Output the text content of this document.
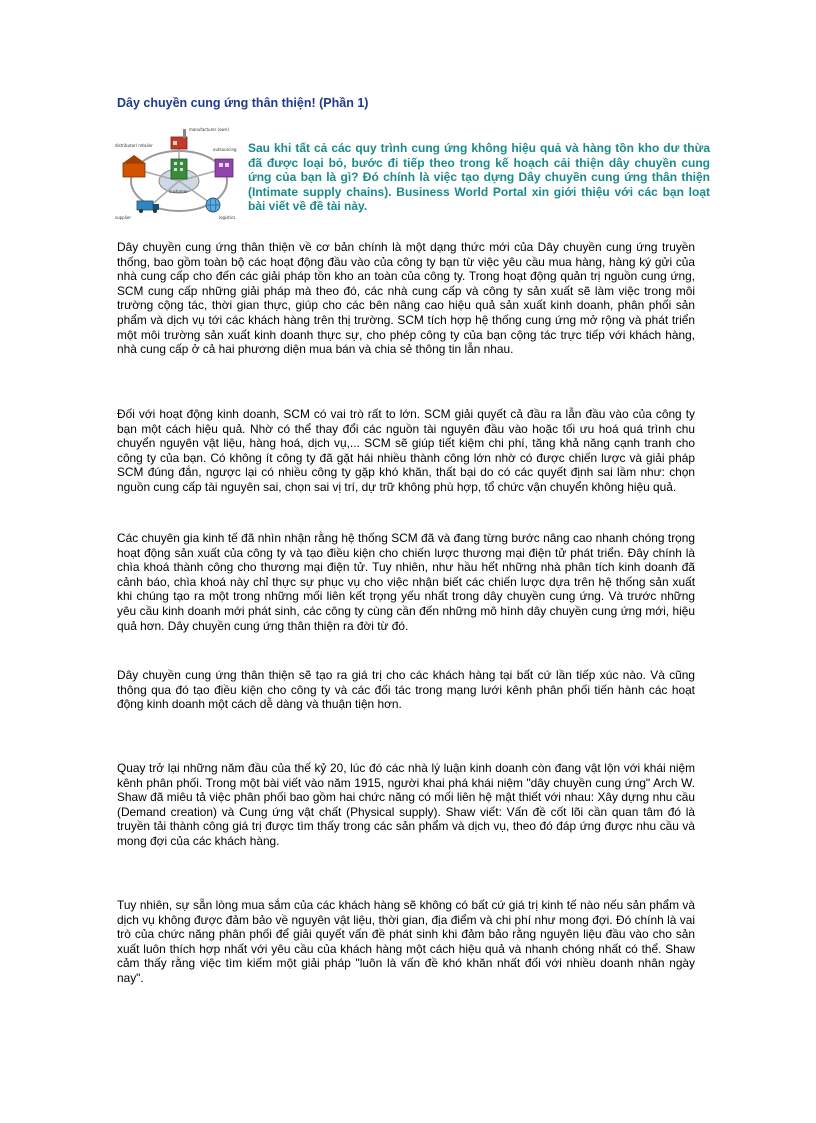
Dây chuyền cung ứng thân thiện! (Phần 1)
manufacturer (own)
distributor/ retailer
outsourcing
customer
supplier	logistics

Sau khi tất cả các quy trình cung ứng không hiệu quả và hàng tồn kho dư thừa đã được loại bỏ, bước đi tiếp theo trong kế hoạch cải thiện dây chuyền cung ứng của bạn là gì? Đó chính là việc tạo dựng Dây chuyền cung ứng thân thiện (Intimate supply chains). Business World Portal xin giới thiệu với các bạn loạt bài viết về đề tài này.

Dây chuyền cung ứng thân thiện về cơ bản chính là một dạng thức mới của Dây chuyền cung ứng truyền thống, bao gồm toàn bộ các hoạt động đầu vào của công ty bạn từ việc yêu cầu mua hàng, hàng ký gửi của nhà cung cấp cho đến các giải pháp tồn kho an toàn của công ty. Trong hoạt động quản trị nguồn cung ứng, SCM cung cấp những giải pháp mà theo đó, các nhà cung cấp và công ty sản xuất sẽ làm việc trong môi trường cộng tác, thời gian thực, giúp cho các bên nâng cao hiệu quả sản xuất kinh doanh, phân phối sản phẩm và dịch vụ tới các khách hàng trên thị trường. SCM tích hợp hệ thống cung ứng mở rộng và phát triển một môi trường sản xuất kinh doanh thực sự, cho phép công ty của bạn cộng tác trực tiếp với khách hàng, nhà cung cấp ở cả hai phương diện mua bán và chia sẻ thông tin lẫn nhau.

Đối với hoạt động kinh doanh, SCM có vai trò rất to lớn. SCM giải quyết cả đầu ra lẫn đầu vào của công ty bạn một cách hiệu quả. Nhờ có thể thay đổi các nguồn tài nguyên đầu vào hoặc tối ưu hoá quá trình chu chuyển nguyên vật liệu, hàng hoá, dịch vụ,... SCM sẽ giúp tiết kiệm chi phí, tăng khả năng cạnh tranh cho công ty của bạn. Có không ít công ty đã gặt hái nhiều thành công lớn nhờ có được chiến lược và giải pháp SCM đúng đắn, ngược lại có nhiều công ty gặp khó khăn, thất bại do có các quyết định sai lầm như: chọn nguồn cung cấp tài nguyên sai, chọn sai vị trí, dự trữ không phù hợp, tổ chức vận chuyển không hiệu quả.

Các chuyên gia kinh tế đã nhìn nhận rằng hệ thống SCM đã và đang từng bước nâng cao nhanh chóng trọng hoạt động sản xuất của công ty và tạo điều kiện cho chiến lược thương mại điện tử phát triển. Đây chính là chìa khoá thành công cho thương mại điện tử. Tuy nhiên, như hầu hết những nhà phân tích kinh doanh đã cảnh báo, chìa khoá này chỉ thực sự phục vụ cho việc nhận biết các chiến lược dựa trên hệ thống sản xuất khi chúng tạo ra một trong những mối liên kết trọng yếu nhất trong dây chuyền cung ứng. Và trước những yêu cầu kinh doanh mới phát sinh, các công ty cùng cần đến những mô hình dây chuyền cung ứng mới, hiệu quả hơn. Dây chuyền cung ứng thân thiện ra đời từ đó.

Dây chuyền cung ứng thân thiện sẽ tạo ra giá trị cho các khách hàng tại bất cứ lần tiếp xúc nào. Và cũng thông qua đó tạo điều kiện cho công ty và các đối tác trong mạng lưới kênh phân phối tiến hành các hoạt động kinh doanh một cách dễ dàng và thuận tiện hơn.

Quay trở lại những năm đầu của thế kỷ 20, lúc đó các nhà lý luận kinh doanh còn đang vật lộn với khái niệm kênh phân phối. Trong một bài viết vào năm 1915, người khai phá khái niệm "dây chuyền cung ứng" Arch W. Shaw đã miêu tả việc phân phối bao gồm hai chức năng có mối liên hệ mật thiết với nhau: Xây dựng nhu cầu (Demand creation) và Cung ứng vật chất (Physical supply). Shaw viết: Vấn đề cốt lõi cần quan tâm đó là truyền tải thành công giá trị được tìm thấy trong các sản phẩm và dịch vụ, theo đó đáp ứng được nhu cầu và mong đợi của các khách hàng.

Tuy nhiên, sự sẵn lòng mua sắm của các khách hàng sẽ không có bất cứ giá trị kinh tế nào nếu sản phẩm và dịch vụ không được đảm bảo về nguyên vật liệu, thời gian, địa điểm và chi phí như mong đợi. Đó chính là vai trò của chức năng phân phối để giải quyết vấn đề phát sinh khi đảm bảo rằng nguyên liệu đầu vào cho sản xuất luôn thích hợp nhất với yêu cầu của khách hàng một cách hiệu quả và nhanh chóng nhất có thể. Shaw cảm thấy rằng việc tìm kiếm một giải pháp "luôn là vấn đề khó khăn nhất đối với nhiều doanh nhân ngày nay".
